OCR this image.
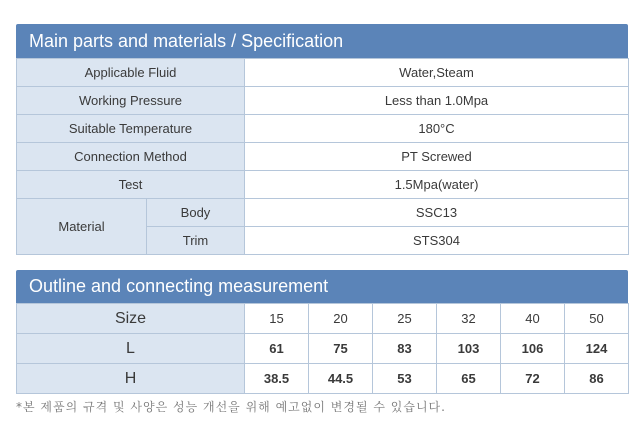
Main parts and materials / Specification
Applicable Fluid		Water,Steam
Working Pressure		Less than 1.0Mpa
Suitable Temperature		180°C
Connection Method		PT Screwed
Test		1.5Mpa(water)
Material	Body	SSC13
	Trim	STS304
Outline and connecting measurement
Size	15	20	25	32	40	50
L	61	75	83	103	106	124
H	38.5	44.5	53	65	72	86
*본 제품의 규격 및 사양은 성능 개선을 위해 예고없이 변경될 수 있습니다.
